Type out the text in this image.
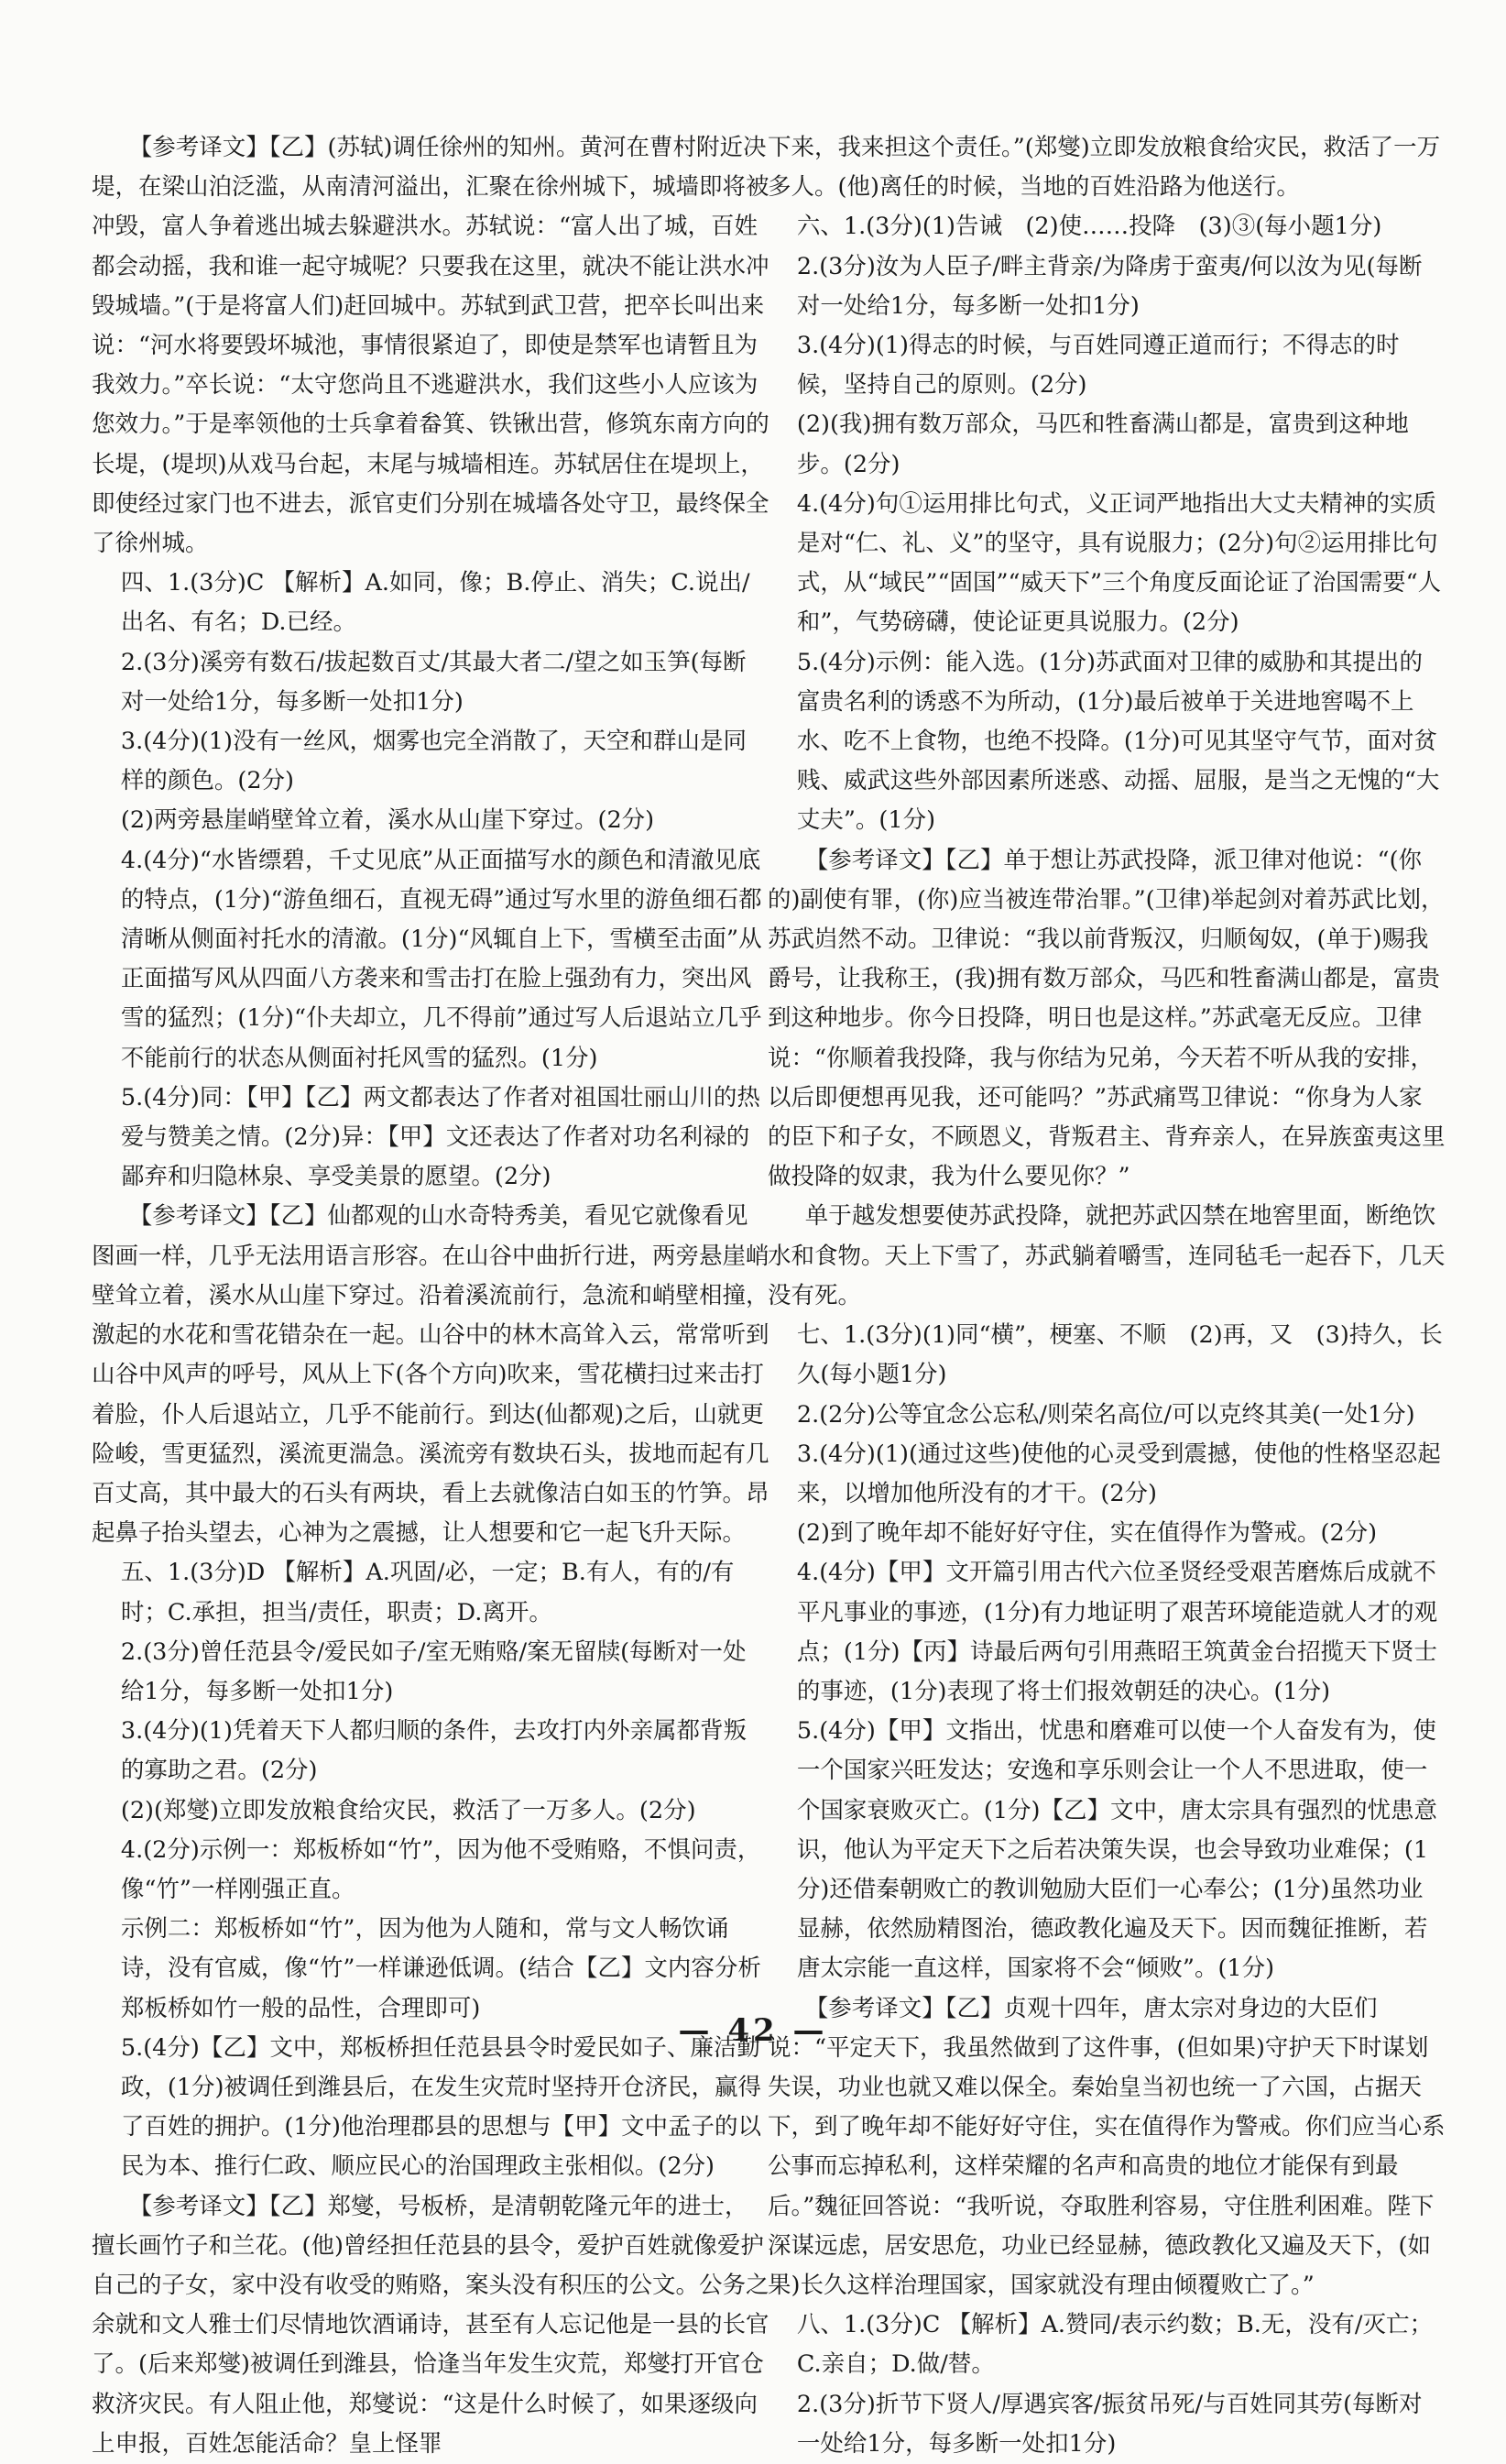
【参考译文】【乙】(苏轼)调任徐州的知州。黄河在曹村附近决堤，在梁山泊泛滥，从南清河溢出，汇聚在徐州城下，城墙即将被冲毁，富人争着逃出城去躲避洪水。苏轼说：“富人出了城，百姓都会动摇，我和谁一起守城呢？只要我在这里，就决不能让洪水冲毁城墙。”(于是将富人们)赶回城中。苏轼到武卫营，把卒长叫出来说：“河水将要毁坏城池，事情很紧迫了，即使是禁军也请暂且为我效力。”卒长说：“太守您尚且不逃避洪水，我们这些小人应该为您效力。”于是率领他的士兵拿着畚箕、铁锹出营，修筑东南方向的长堤，(堤坝)从戏马台起，末尾与城墙相连。苏轼居住在堤坝上，即使经过家门也不进去，派官吏们分别在城墙各处守卫，最终保全了徐州城。

四、1.(3分)C 【解析】A.如同，像；B.停止、消失；C.说出/出名、有名；D.已经。

2.(3分)溪旁有数石/拔起数百丈/其最大者二/望之如玉笋(每断对一处给1分，每多断一处扣1分)

3.(4分)(1)没有一丝风，烟雾也完全消散了，天空和群山是同样的颜色。(2分)

(2)两旁悬崖峭壁耸立着，溪水从山崖下穿过。(2分)

4.(4分)“水皆缥碧，千丈见底”从正面描写水的颜色和清澈见底的特点，(1分)“游鱼细石，直视无碍”通过写水里的游鱼细石都清晰从侧面衬托水的清澈。(1分)“风辄自上下，雪横至击面”从正面描写风从四面八方袭来和雪击打在脸上强劲有力，突出风雪的猛烈；(1分)“仆夫却立，几不得前”通过写人后退站立几乎不能前行的状态从侧面衬托风雪的猛烈。(1分)

5.(4分)同：【甲】【乙】两文都表达了作者对祖国壮丽山川的热爱与赞美之情。(2分)异：【甲】文还表达了作者对功名利禄的鄙弃和归隐林泉、享受美景的愿望。(2分)

【参考译文】【乙】仙都观的山水奇特秀美，看见它就像看见图画一样，几乎无法用语言形容。在山谷中曲折行进，两旁悬崖峭壁耸立着，溪水从山崖下穿过。沿着溪流前行，急流和峭壁相撞，激起的水花和雪花错杂在一起。山谷中的林木高耸入云，常常听到山谷中风声的呼号，风从上下(各个方向)吹来，雪花横扫过来击打着脸，仆人后退站立，几乎不能前行。到达(仙都观)之后，山就更险峻，雪更猛烈，溪流更湍急。溪流旁有数块石头，拔地而起有几百丈高，其中最大的石头有两块，看上去就像洁白如玉的竹笋。昂起鼻子抬头望去，心神为之震撼，让人想要和它一起飞升天际。

五、1.(3分)D 【解析】A.巩固/必，一定；B.有人，有的/有时；C.承担，担当/责任，职责；D.离开。

2.(3分)曾任范县令/爱民如子/室无贿赂/案无留牍(每断对一处给1分，每多断一处扣1分)

3.(4分)(1)凭着天下人都归顺的条件，去攻打内外亲属都背叛的寡助之君。(2分)

(2)(郑燮)立即发放粮食给灾民，救活了一万多人。(2分)

4.(2分)示例一：郑板桥如“竹”，因为他不受贿赂，不惧问责，像“竹”一样刚强正直。

示例二：郑板桥如“竹”，因为他为人随和，常与文人畅饮诵诗，没有官威，像“竹”一样谦逊低调。(结合【乙】文内容分析郑板桥如竹一般的品性，合理即可)

5.(4分)【乙】文中，郑板桥担任范县县令时爱民如子、廉洁勤政，(1分)被调任到潍县后，在发生灾荒时坚持开仓济民，赢得了百姓的拥护。(1分)他治理郡县的思想与【甲】文中孟子的以民为本、推行仁政、顺应民心的治国理政主张相似。(2分)

【参考译文】【乙】郑燮，号板桥，是清朝乾隆元年的进士，擅长画竹子和兰花。(他)曾经担任范县的县令，爱护百姓就像爱护自己的子女，家中没有收受的贿赂，案头没有积压的公文。公务之余就和文人雅士们尽情地饮酒诵诗，甚至有人忘记他是一县的长官了。(后来郑燮)被调任到潍县，恰逢当年发生灾荒，郑燮打开官仓救济灾民。有人阻止他，郑燮说：“这是什么时候了，如果逐级向上申报，百姓怎能活命？皇上怪罪

下来，我来担这个责任。”(郑燮)立即发放粮食给灾民，救活了一万多人。(他)离任的时候，当地的百姓沿路为他送行。

六、1.(3分)(1)告诫　(2)使……投降　(3)③(每小题1分)

2.(3分)汝为人臣子/畔主背亲/为降虏于蛮夷/何以汝为见(每断对一处给1分，每多断一处扣1分)

3.(4分)(1)得志的时候，与百姓同遵正道而行；不得志的时候，坚持自己的原则。(2分)

(2)(我)拥有数万部众，马匹和牲畜满山都是，富贵到这种地步。(2分)

4.(4分)句①运用排比句式，义正词严地指出大丈夫精神的实质是对“仁、礼、义”的坚守，具有说服力；(2分)句②运用排比句式，从“域民”“固国”“威天下”三个角度反面论证了治国需要“人和”，气势磅礴，使论证更具说服力。(2分)

5.(4分)示例：能入选。(1分)苏武面对卫律的威胁和其提出的富贵名利的诱惑不为所动，(1分)最后被单于关进地窖喝不上水、吃不上食物，也绝不投降。(1分)可见其坚守气节，面对贫贱、威武这些外部因素所迷惑、动摇、屈服，是当之无愧的“大丈夫”。(1分)

【参考译文】【乙】单于想让苏武投降，派卫律对他说：“(你的)副使有罪，(你)应当被连带治罪。”(卫律)举起剑对着苏武比划，苏武岿然不动。卫律说：“我以前背叛汉，归顺匈奴，(单于)赐我爵号，让我称王，(我)拥有数万部众，马匹和牲畜满山都是，富贵到这种地步。你今日投降，明日也是这样。”苏武毫无反应。卫律说：“你顺着我投降，我与你结为兄弟，今天若不听从我的安排，以后即便想再见我，还可能吗？”苏武痛骂卫律说：“你身为人家的臣下和子女，不顾恩义，背叛君主、背弃亲人，在异族蛮夷这里做投降的奴隶，我为什么要见你？”

单于越发想要使苏武投降，就把苏武囚禁在地窖里面，断绝饮水和食物。天上下雪了，苏武躺着嚼雪，连同毡毛一起吞下，几天没有死。

七、1.(3分)(1)同“横”，梗塞、不顺　(2)再，又　(3)持久，长久(每小题1分)

2.(2分)公等宜念公忘私/则荣名高位/可以克终其美(一处1分)

3.(4分)(1)(通过这些)使他的心灵受到震撼，使他的性格坚忍起来，以增加他所没有的才干。(2分)

(2)到了晚年却不能好好守住，实在值得作为警戒。(2分)

4.(4分)【甲】文开篇引用古代六位圣贤经受艰苦磨炼后成就不平凡事业的事迹，(1分)有力地证明了艰苦环境能造就人才的观点；(1分)【丙】诗最后两句引用燕昭王筑黄金台招揽天下贤士的事迹，(1分)表现了将士们报效朝廷的决心。(1分)

5.(4分)【甲】文指出，忧患和磨难可以使一个人奋发有为，使一个国家兴旺发达；安逸和享乐则会让一个人不思进取，使一个国家衰败灭亡。(1分)【乙】文中，唐太宗具有强烈的忧患意识，他认为平定天下之后若决策失误，也会导致功业难保；(1分)还借秦朝败亡的教训勉励大臣们一心奉公；(1分)虽然功业显赫，依然励精图治，德政教化遍及天下。因而魏征推断，若唐太宗能一直这样，国家将不会“倾败”。(1分)

【参考译文】【乙】贞观十四年，唐太宗对身边的大臣们说：“平定天下，我虽然做到了这件事，(但如果)守护天下时谋划失误，功业也就又难以保全。秦始皇当初也统一了六国，占据天下，到了晚年却不能好好守住，实在值得作为警戒。你们应当心系公事而忘掉私利，这样荣耀的名声和高贵的地位才能保有到最后。”魏征回答说：“我听说，夺取胜利容易，守住胜利困难。陛下深谋远虑，居安思危，功业已经显赫，德政教化又遍及天下，(如果)长久这样治理国家，国家就没有理由倾覆败亡了。”

八、1.(3分)C 【解析】A.赞同/表示约数；B.无，没有/灭亡；C.亲自；D.做/替。

2.(3分)折节下贤人/厚遇宾客/振贫吊死/与百姓同其劳(每断对一处给1分，每多断一处扣1分)

— 42 —
